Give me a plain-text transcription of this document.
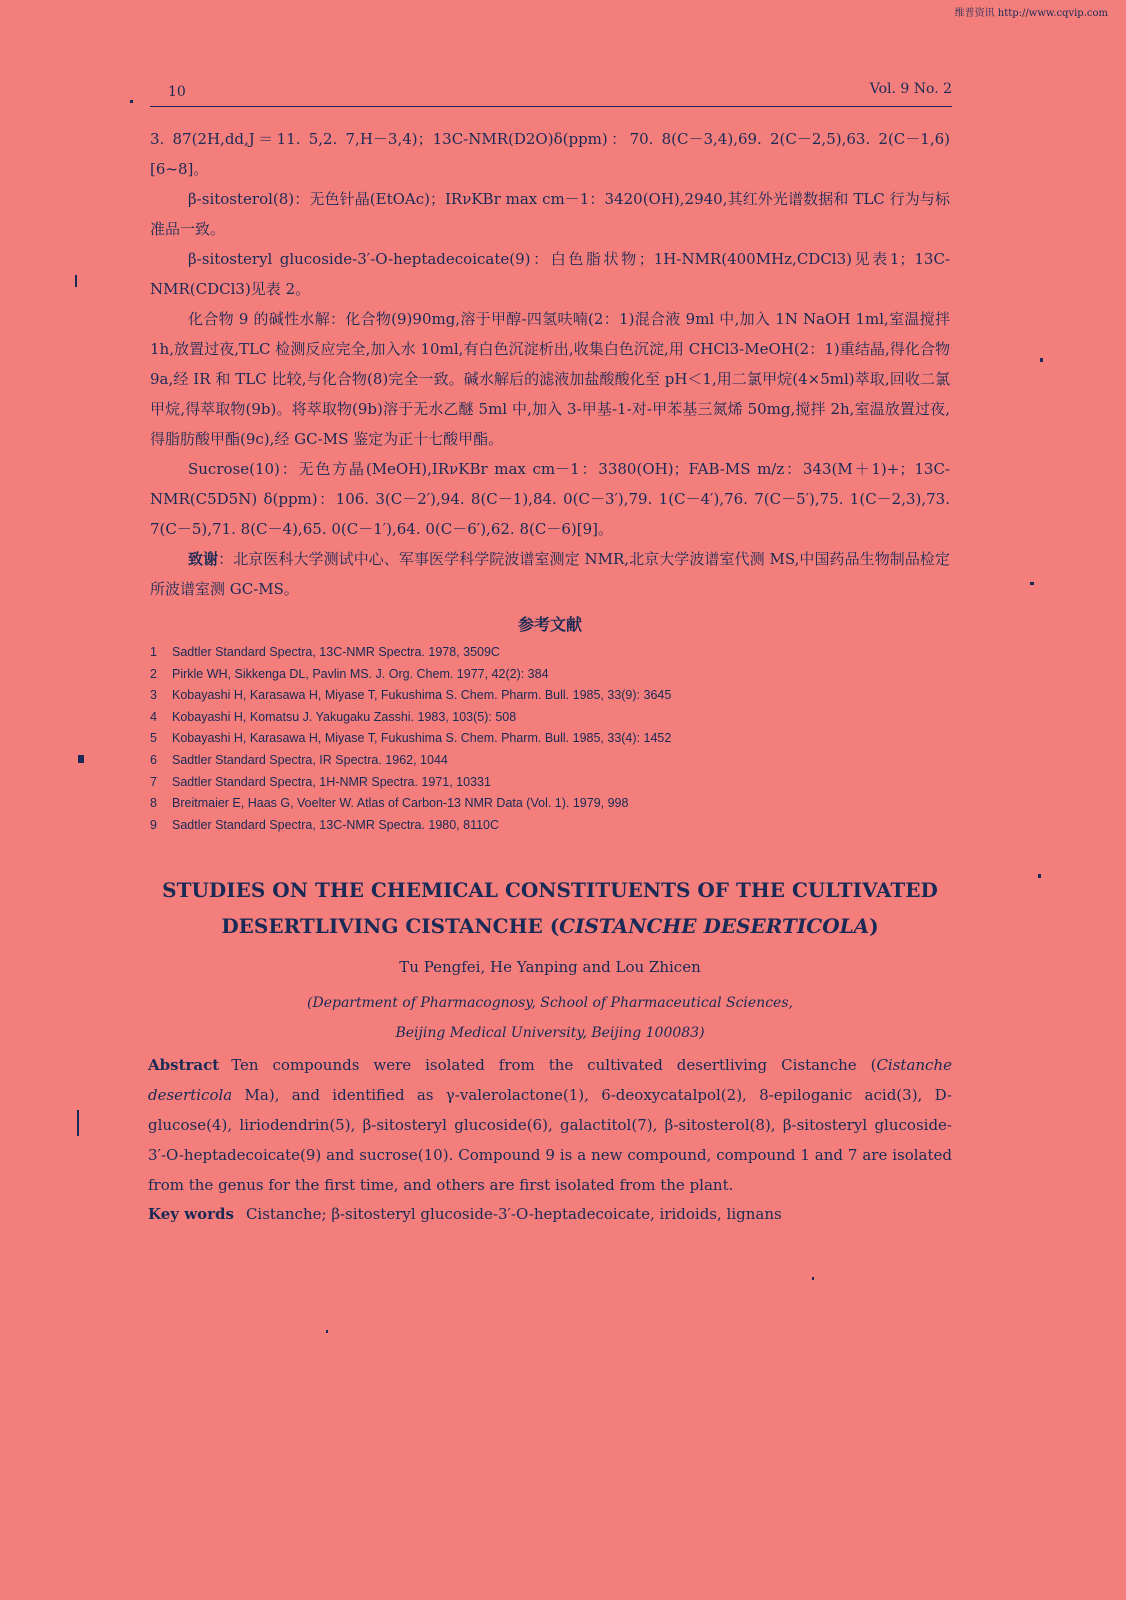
维普资讯 http://www.cqvip.com
10	Vol. 9 No. 2

3. 87(2H,dd,J＝11. 5,2. 7,H－3,4)；13C-NMR(D2O)δ(ppm)：70. 8(C－3,4),69. 2(C－2,5),63. 2(C－1,6)[6~8]。

β-sitosterol(8)：无色针晶(EtOAc)；IRνKBr max cm－1：3420(OH),2940,其红外光谱数据和 TLC 行为与标准品一致。

β-sitosteryl glucoside-3′-O-heptadecoicate(9)：白色脂状物；1H-NMR(400MHz,CDCl3)见表1；13C-NMR(CDCl3)见表 2。

化合物 9 的碱性水解：化合物(9)90mg,溶于甲醇-四氢呋喃(2：1)混合液 9ml 中,加入 1N NaOH 1ml,室温搅拌 1h,放置过夜,TLC 检测反应完全,加入水 10ml,有白色沉淀析出,收集白色沉淀,用 CHCl3-MeOH(2：1)重结晶,得化合物 9a,经 IR 和 TLC 比较,与化合物(8)完全一致。碱水解后的滤液加盐酸酸化至 pH＜1,用二氯甲烷(4×5ml)萃取,回收二氯甲烷,得萃取物(9b)。将萃取物(9b)溶于无水乙醚 5ml 中,加入 3-甲基-1-对-甲苯基三氮烯 50mg,搅拌 2h,室温放置过夜,得脂肪酸甲酯(9c),经 GC-MS 鉴定为正十七酸甲酯。

Sucrose(10)：无色方晶(MeOH),IRνKBr max cm－1：3380(OH)；FAB-MS m/z：343(M＋1)+；13C-NMR(C5D5N) δ(ppm)：106. 3(C－2′),94. 8(C－1),84. 0(C－3′),79. 1(C－4′),76. 7(C－5′),75. 1(C－2,3),73. 7(C－5),71. 8(C－4),65. 0(C－1′),64. 0(C－6′),62. 8(C－6)[9]。

致谢：北京医科大学测试中心、军事医学科学院波谱室测定 NMR,北京大学波谱室代测 MS,中国药品生物制品检定所波谱室测 GC-MS。

参考文献
1 Sadtler Standard Spectra, 13C-NMR Spectra. 1978, 3509C
2 Pirkle WH, Sikkenga DL, Pavlin MS. J. Org. Chem. 1977, 42(2): 384
3 Kobayashi H, Karasawa H, Miyase T, Fukushima S. Chem. Pharm. Bull. 1985, 33(9): 3645
4 Kobayashi H, Komatsu J. Yakugaku Zasshi. 1983, 103(5): 508
5 Kobayashi H, Karasawa H, Miyase T, Fukushima S. Chem. Pharm. Bull. 1985, 33(4): 1452
6 Sadtler Standard Spectra, IR Spectra. 1962, 1044
7 Sadtler Standard Spectra, 1H-NMR Spectra. 1971, 10331
8 Breitmaier E, Haas G, Voelter W. Atlas of Carbon-13 NMR Data (Vol. 1). 1979, 998
9 Sadtler Standard Spectra, 13C-NMR Spectra. 1980, 8110C
STUDIES ON THE CHEMICAL CONSTITUENTS OF THE CULTIVATED
DESERTLIVING CISTANCHE (CISTANCHE DESERTICOLA)
Tu Pengfei, He Yanping and Lou Zhicen
(Department of Pharmacognosy, School of Pharmaceutical Sciences,
Beijing Medical University, Beijing 100083)

Abstract Ten compounds were isolated from the cultivated desertliving Cistanche (Cistanche deserticola Ma), and identified as γ-valerolactone(1), 6-deoxycatalpol(2), 8-epiloganic acid(3), D-glucose(4), liriodendrin(5), β-sitosteryl glucoside(6), galactitol(7), β-sitosterol(8), β-sitosteryl glucoside-3′-O-heptadecoicate(9) and sucrose(10). Compound 9 is a new compound, compound 1 and 7 are isolated from the genus for the first time, and others are first isolated from the plant.

Key words Cistanche; β-sitosteryl glucoside-3′-O-heptadecoicate, iridoids, lignans
